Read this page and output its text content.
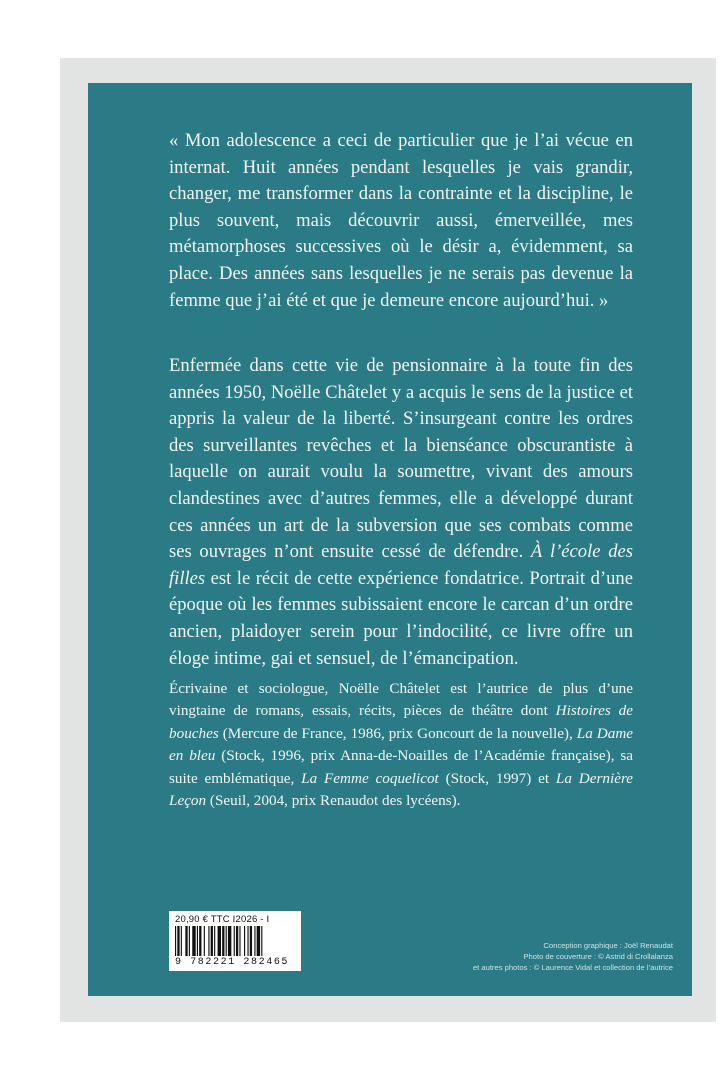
« Mon adolescence a ceci de particulier que je l’ai vécue en internat. Huit années pendant lesquelles je vais grandir, changer, me transformer dans la contrainte et la discipline, le plus souvent, mais découvrir aussi, émerveillée, mes métamorphoses successives où le désir a, évidemment, sa place. Des années sans lesquelles je ne serais pas devenue la femme que j’ai été et que je demeure encore aujourd’hui. »

Enfermée dans cette vie de pensionnaire à la toute fin des années 1950, Noëlle Châtelet y a acquis le sens de la justice et appris la valeur de la liberté. S’insurgeant contre les ordres des surveillantes revêches et la bienséance obscurantiste à laquelle on aurait voulu la soumettre, vivant des amours clandestines avec d’autres femmes, elle a développé durant ces années un art de la subversion que ses combats comme ses ouvrages n’ont ensuite cessé de défendre. À l’école des filles est le récit de cette expérience fondatrice. Portrait d’une époque où les femmes subissaient encore le carcan d’un ordre ancien, plaidoyer serein pour l’indocilité, ce livre offre un éloge intime, gai et sensuel, de l’émancipation.

Écrivaine et sociologue, Noëlle Châtelet est l’autrice de plus d’une vingtaine de romans, essais, récits, pièces de théâtre dont Histoires de bouches (Mercure de France, 1986, prix Goncourt de la nouvelle), La Dame en bleu (Stock, 1996, prix Anna-de-Noailles de l’Académie française), sa suite emblématique, La Femme coquelicot (Stock, 1997) et La Dernière Leçon (Seuil, 2004, prix Renaudot des lycéens).

20,90 € TTC I2026 - I
9 782221 282465
Conception graphique : Joël Renaudat
Photo de couverture : © Astrid di Crollalanza
et autres photos : © Laurence Vidal et collection de l’autrice
